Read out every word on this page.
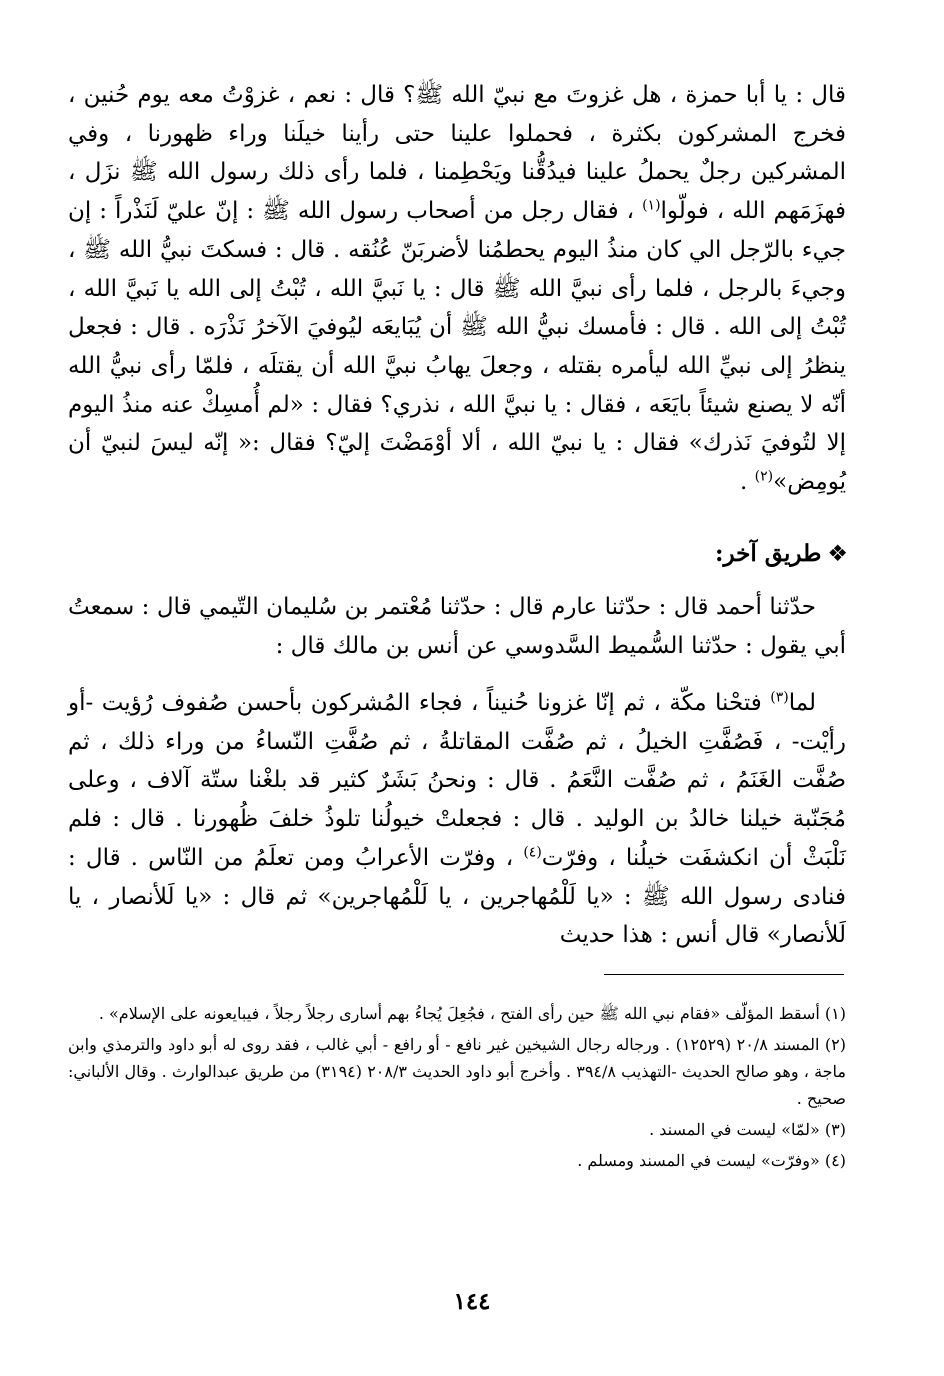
قال : يا أبا حمزة ، هل غزوتَ مع نبيّ الله ﷺ؟ قال : نعم ، غزوْتُ معه يوم حُنين ، فخرج المشركون بكثرة ، فحملوا علينا حتى رأينا خيلَنا وراء ظهورنا ، وفي المشركين رجلٌ يحملُ علينا فيدُقُّنا ويَحْطِمنا ، فلما رأى ذلك رسول الله ﷺ نزَل ، فهزَمَهم الله ، فولّوا$^{(١)}$ ، فقال رجل من أصحاب رسول الله ﷺ : إنّ عليّ لَنَذْراً : إن جيء بالرّجل الي كان منذُ اليوم يحطمُنا لأضربَنّ عُنُقه . قال : فسكتَ نبيُّ الله ﷺ ، وجيءَ بالرجل ، فلما رأى نبيَّ الله ﷺ قال : يا نَبيَّ الله ، تُبْتُ إلى الله يا نَبيَّ الله ، تُبْتُ إلى الله . قال : فأمسك نبيُّ الله ﷺ أن يُبَايعَه ليُوفيَ الآخرُ نَذْرَه . قال : فجعل ينظرُ إلى نبيِّ الله ليأمره بقتله ، وجعلَ يهابُ نبيَّ الله أن يقتلَه ، فلمّا رأى نبيُّ الله أنّه لا يصنع شيئاً بايَعَه ، فقال : يا نبيَّ الله ، نذري؟ فقال : «لم أُمسِكْ عنه منذُ اليوم إلا لتُوفيَ نَذرك» فقال : يا نبيّ الله ، ألا أوْمَضْتَ إليّ؟ فقال :« إنّه ليسَ لنبيّ أن يُومِض»$^{(٢)}$ .

❖طريق آخر:

حدّثنا أحمد قال : حدّثنا عارم قال : حدّثنا مُعْتمر بن سُليمان التّيمي قال : سمعتُ أبي يقول : حدّثنا السُّميط السَّدوسي عن أنس بن مالك قال :

لما$^{(٣)}$ فتحْنا مكّة ، ثم إنّا غزونا حُنيناً ، فجاء المُشركون بأحسن صُفوف رُؤيت -أو رأيْت- ، فَصُفَّتِ الخيلُ ، ثم صُفَّت المقاتلةُ ، ثم صُفَّتِ النّساءُ من وراء ذلك ، ثم صُفَّت الغَنَمُ ، ثم صُفَّت النَّعَمُ . قال : ونحنُ بَشَرٌ كثير قد بلغْنا ستّة آلاف ، وعلى مُجَنّبة خيلنا خالدُ بن الوليد . قال : فجعلتْ خيولُنا تلوذُ خلفَ ظُهورنا . قال : فلم نَلْبَثْ أن انكشفَت خيلُنا ، وفرّت$^{(٤)}$ ، وفرّت الأعرابُ ومن تعلَمُ من النّاس . قال : فنادى رسول الله ﷺ : «يا لَلْمُهاجرين ، يا لَلْمُهاجرين» ثم قال : «يا لَلأنصار ، يا لَلأنصار» قال أنس : هذا حديث

(١) أسقط المؤلّف «فقام نبي الله ﷺ حين رأى الفتح ، فجُعِلَ يُجاءُ بهم أسارى رجلاً رجلاً ، فيبايعونه على الإسلام» .

(٢) المسند ٢٠/٨ (١٢٥٢٩) . ورجاله رجال الشيخين غير نافع - أو رافع - أبي غالب ، فقد روى له أبو داود والترمذي وابن ماجة ، وهو صالح الحديث -التهذيب ٣٩٤/٨ . وأخرج أبو داود الحديث ٢٠٨/٣ (٣١٩٤) من طريق عبدالوارث . وقال الألباني: صحيح .

(٣) «لمّا» ليست في المسند .

(٤) «وفرّت» ليست في المسند ومسلم .

١٤٤
